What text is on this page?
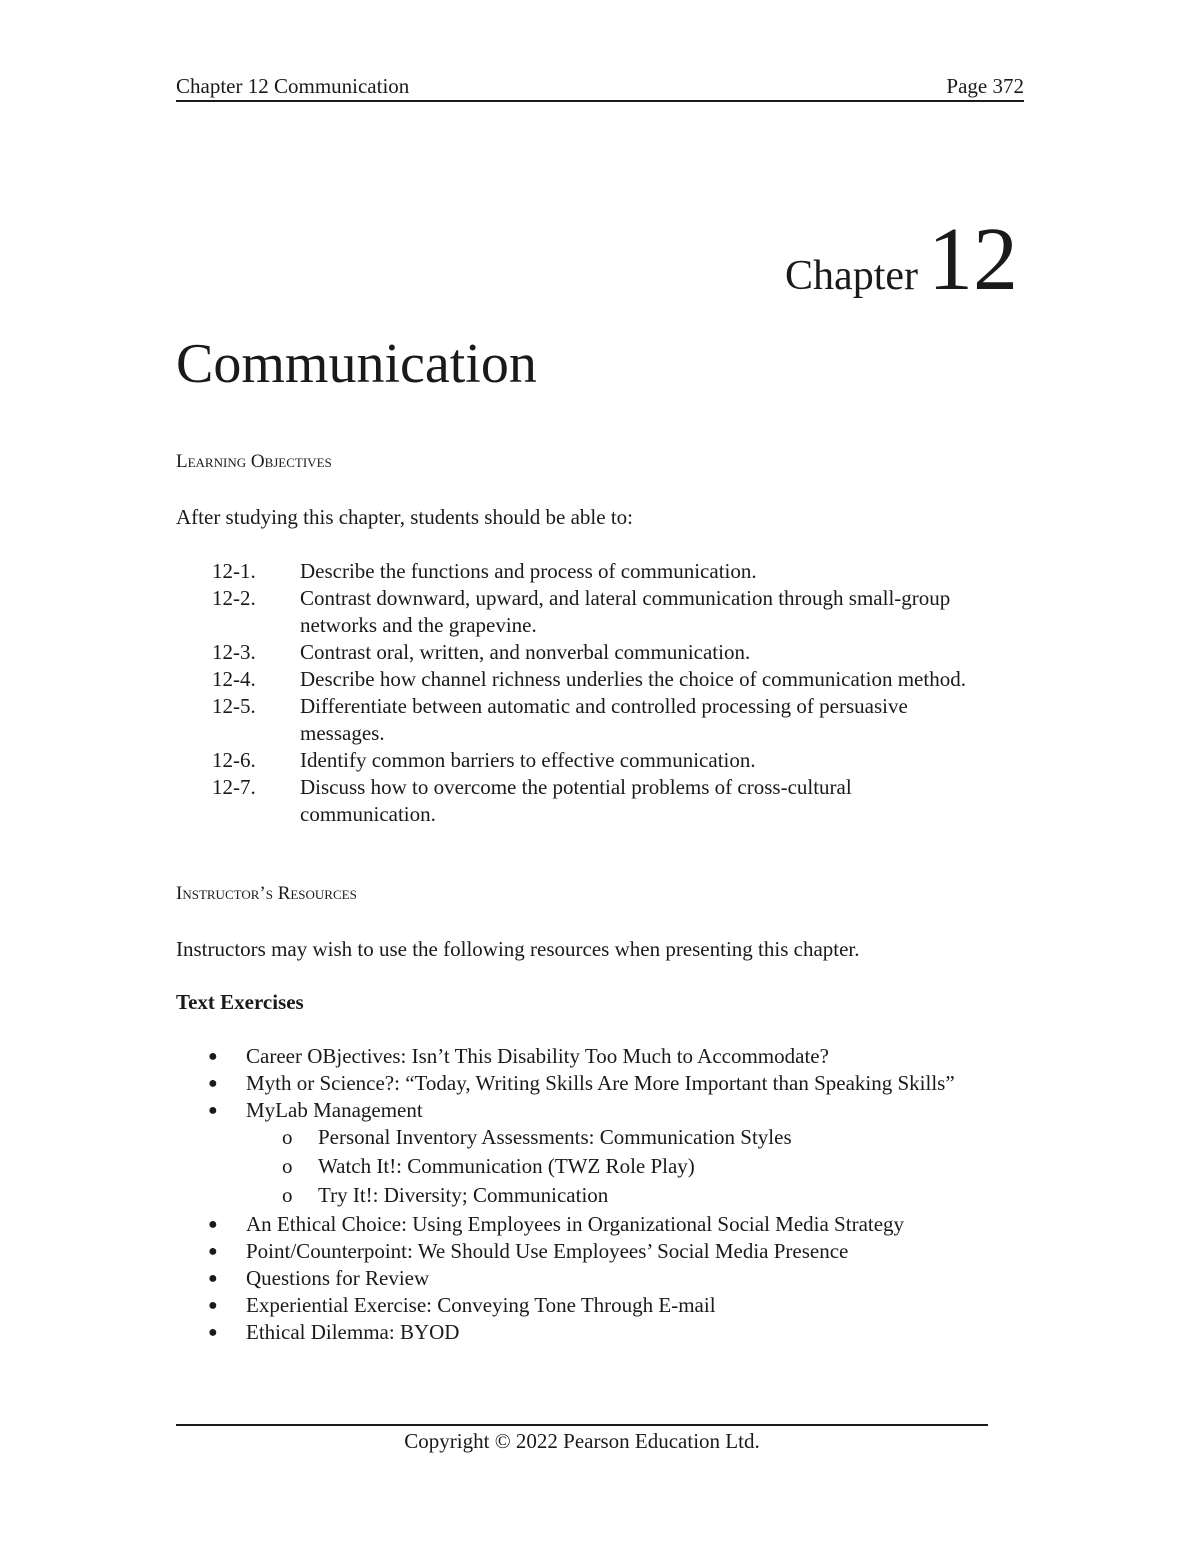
Chapter 12 Communication	Page 372
Chapter 12
Communication
Learning Objectives
After studying this chapter, students should be able to:
12-1.	Describe the functions and process of communication.
12-2.	Contrast downward, upward, and lateral communication through small-group networks and the grapevine.
12-3.	Contrast oral, written, and nonverbal communication.
12-4.	Describe how channel richness underlies the choice of communication method.
12-5.	Differentiate between automatic and controlled processing of persuasive messages.
12-6.	Identify common barriers to effective communication.
12-7.	Discuss how to overcome the potential problems of cross-cultural communication.
Instructor’s Resources
Instructors may wish to use the following resources when presenting this chapter.
Text Exercises
●	Career OBjectives: Isn’t This Disability Too Much to Accommodate?
●	Myth or Science?: “Today, Writing Skills Are More Important than Speaking Skills”
●	MyLab Management
o	Personal Inventory Assessments: Communication Styles
o	Watch It!: Communication (TWZ Role Play)
o	Try It!: Diversity; Communication
●	An Ethical Choice: Using Employees in Organizational Social Media Strategy
●	Point/Counterpoint: We Should Use Employees’ Social Media Presence
●	Questions for Review
●	Experiential Exercise: Conveying Tone Through E-mail
●	Ethical Dilemma: BYOD
Copyright © 2022 Pearson Education Ltd.
